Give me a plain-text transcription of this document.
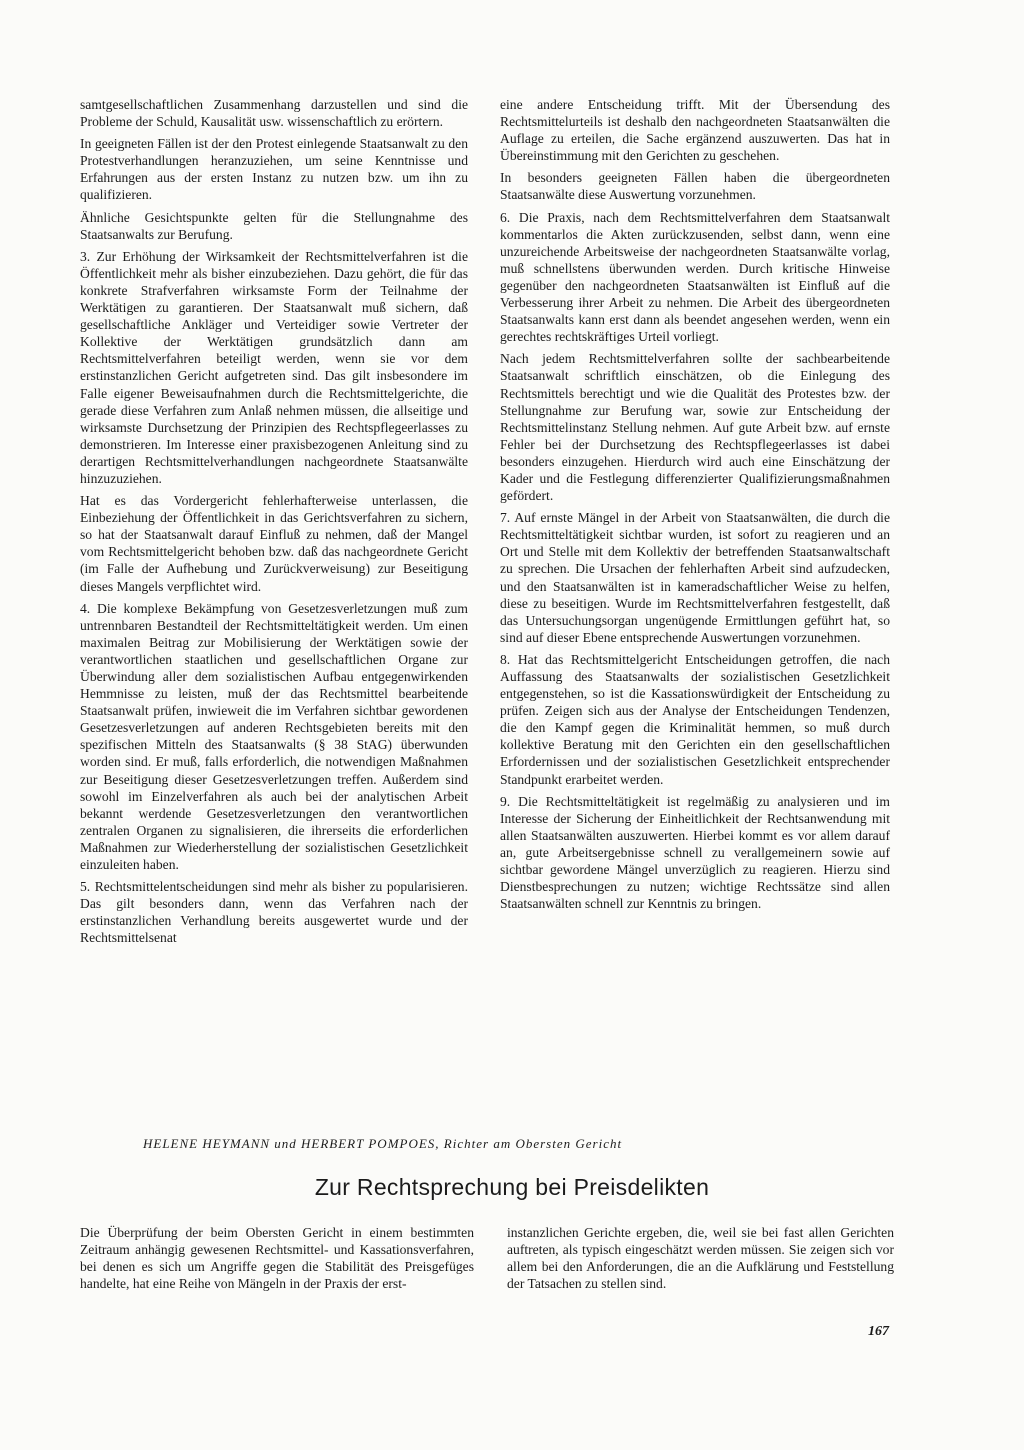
samtgesellschaftlichen Zusammenhang darzustellen und sind die Probleme der Schuld, Kausalität usw. wissenschaftlich zu erörtern.

In geeigneten Fällen ist der den Protest einlegende Staatsanwalt zu den Protestverhandlungen heranzuziehen, um seine Kenntnisse und Erfahrungen aus der ersten Instanz zu nutzen bzw. um ihn zu qualifizieren.

Ähnliche Gesichtspunkte gelten für die Stellungnahme des Staatsanwalts zur Berufung.

3. Zur Erhöhung der Wirksamkeit der Rechtsmittelverfahren ist die Öffentlichkeit mehr als bisher einzubeziehen. Dazu gehört, die für das konkrete Strafverfahren wirksamste Form der Teilnahme der Werktätigen zu garantieren. Der Staatsanwalt muß sichern, daß gesellschaftliche Ankläger und Verteidiger sowie Vertreter der Kollektive der Werktätigen grundsätzlich dann am Rechtsmittelverfahren beteiligt werden, wenn sie vor dem erstinstanzlichen Gericht aufgetreten sind. Das gilt insbesondere im Falle eigener Beweisaufnahmen durch die Rechtsmittelgerichte, die gerade diese Verfahren zum Anlaß nehmen müssen, die allseitige und wirksamste Durchsetzung der Prinzipien des Rechtspflegeerlasses zu demonstrieren. Im Interesse einer praxisbezogenen Anleitung sind zu derartigen Rechtsmittelverhandlungen nachgeordnete Staatsanwälte hinzuzuziehen.

Hat es das Vordergericht fehlerhafterweise unterlassen, die Einbeziehung der Öffentlichkeit in das Gerichtsverfahren zu sichern, so hat der Staatsanwalt darauf Einfluß zu nehmen, daß der Mangel vom Rechtsmittelgericht behoben bzw. daß das nachgeordnete Gericht (im Falle der Aufhebung und Zurückverweisung) zur Beseitigung dieses Mangels verpflichtet wird.

4. Die komplexe Bekämpfung von Gesetzesverletzungen muß zum untrennbaren Bestandteil der Rechtsmitteltätigkeit werden. Um einen maximalen Beitrag zur Mobilisierung der Werktätigen sowie der verantwortlichen staatlichen und gesellschaftlichen Organe zur Überwindung aller dem sozialistischen Aufbau entgegenwirkenden Hemmnisse zu leisten, muß der das Rechtsmittel bearbeitende Staatsanwalt prüfen, inwieweit die im Verfahren sichtbar gewordenen Gesetzesverletzungen auf anderen Rechtsgebieten bereits mit den spezifischen Mitteln des Staatsanwalts (§ 38 StAG) überwunden worden sind. Er muß, falls erforderlich, die notwendigen Maßnahmen zur Beseitigung dieser Gesetzesverletzungen treffen. Außerdem sind sowohl im Einzelverfahren als auch bei der analytischen Arbeit bekannt werdende Gesetzesverletzungen den verantwortlichen zentralen Organen zu signalisieren, die ihrerseits die erforderlichen Maßnahmen zur Wiederherstellung der sozialistischen Gesetzlichkeit einzuleiten haben.

5. Rechtsmittelentscheidungen sind mehr als bisher zu popularisieren. Das gilt besonders dann, wenn das Verfahren nach der erstinstanzlichen Verhandlung bereits ausgewertet wurde und der Rechtsmittelsenat

eine andere Entscheidung trifft. Mit der Übersendung des Rechtsmittelurteils ist deshalb den nachgeordneten Staatsanwälten die Auflage zu erteilen, die Sache ergänzend auszuwerten. Das hat in Übereinstimmung mit den Gerichten zu geschehen.

In besonders geeigneten Fällen haben die übergeordneten Staatsanwälte diese Auswertung vorzunehmen.

6. Die Praxis, nach dem Rechtsmittelverfahren dem Staatsanwalt kommentarlos die Akten zurückzusenden, selbst dann, wenn eine unzureichende Arbeitsweise der nachgeordneten Staatsanwälte vorlag, muß schnellstens überwunden werden. Durch kritische Hinweise gegenüber den nachgeordneten Staatsanwälten ist Einfluß auf die Verbesserung ihrer Arbeit zu nehmen. Die Arbeit des übergeordneten Staatsanwalts kann erst dann als beendet angesehen werden, wenn ein gerechtes rechtskräftiges Urteil vorliegt.

Nach jedem Rechtsmittelverfahren sollte der sachbearbeitende Staatsanwalt schriftlich einschätzen, ob die Einlegung des Rechtsmittels berechtigt und wie die Qualität des Protestes bzw. der Stellungnahme zur Berufung war, sowie zur Entscheidung der Rechtsmittelinstanz Stellung nehmen. Auf gute Arbeit bzw. auf ernste Fehler bei der Durchsetzung des Rechtspflegeerlasses ist dabei besonders einzugehen. Hierdurch wird auch eine Einschätzung der Kader und die Festlegung differenzierter Qualifizierungsmaßnahmen gefördert.

7. Auf ernste Mängel in der Arbeit von Staatsanwälten, die durch die Rechtsmitteltätigkeit sichtbar wurden, ist sofort zu reagieren und an Ort und Stelle mit dem Kollektiv der betreffenden Staatsanwaltschaft zu sprechen. Die Ursachen der fehlerhaften Arbeit sind aufzudecken, und den Staatsanwälten ist in kameradschaftlicher Weise zu helfen, diese zu beseitigen. Wurde im Rechtsmittelverfahren festgestellt, daß das Untersuchungsorgan ungenügende Ermittlungen geführt hat, so sind auf dieser Ebene entsprechende Auswertungen vorzunehmen.

8. Hat das Rechtsmittelgericht Entscheidungen getroffen, die nach Auffassung des Staatsanwalts der sozialistischen Gesetzlichkeit entgegenstehen, so ist die Kassationswürdigkeit der Entscheidung zu prüfen. Zeigen sich aus der Analyse der Entscheidungen Tendenzen, die den Kampf gegen die Kriminalität hemmen, so muß durch kollektive Beratung mit den Gerichten ein den gesellschaftlichen Erfordernissen und der sozialistischen Gesetzlichkeit entsprechender Standpunkt erarbeitet werden.

9. Die Rechtsmitteltätigkeit ist regelmäßig zu analysieren und im Interesse der Sicherung der Einheitlichkeit der Rechtsanwendung mit allen Staatsanwälten auszuwerten. Hierbei kommt es vor allem darauf an, gute Arbeitsergebnisse schnell zu verallgemeinern sowie auf sichtbar gewordene Mängel unverzüglich zu reagieren. Hierzu sind Dienstbesprechungen zu nutzen; wichtige Rechtssätze sind allen Staatsanwälten schnell zur Kenntnis zu bringen.

HELENE HEYMANN und HERBERT POMPOES, Richter am Obersten Gericht
Zur Rechtsprechung bei Preisdelikten

Die Überprüfung der beim Obersten Gericht in einem bestimmten Zeitraum anhängig gewesenen Rechtsmittel- und Kassationsverfahren, bei denen es sich um Angriffe gegen die Stabilität des Preisgefüges handelte, hat eine Reihe von Mängeln in der Praxis der erst-

instanzlichen Gerichte ergeben, die, weil sie bei fast allen Gerichten auftreten, als typisch eingeschätzt werden müssen. Sie zeigen sich vor allem bei den Anforderungen, die an die Aufklärung und Feststellung der Tatsachen zu stellen sind.

167
